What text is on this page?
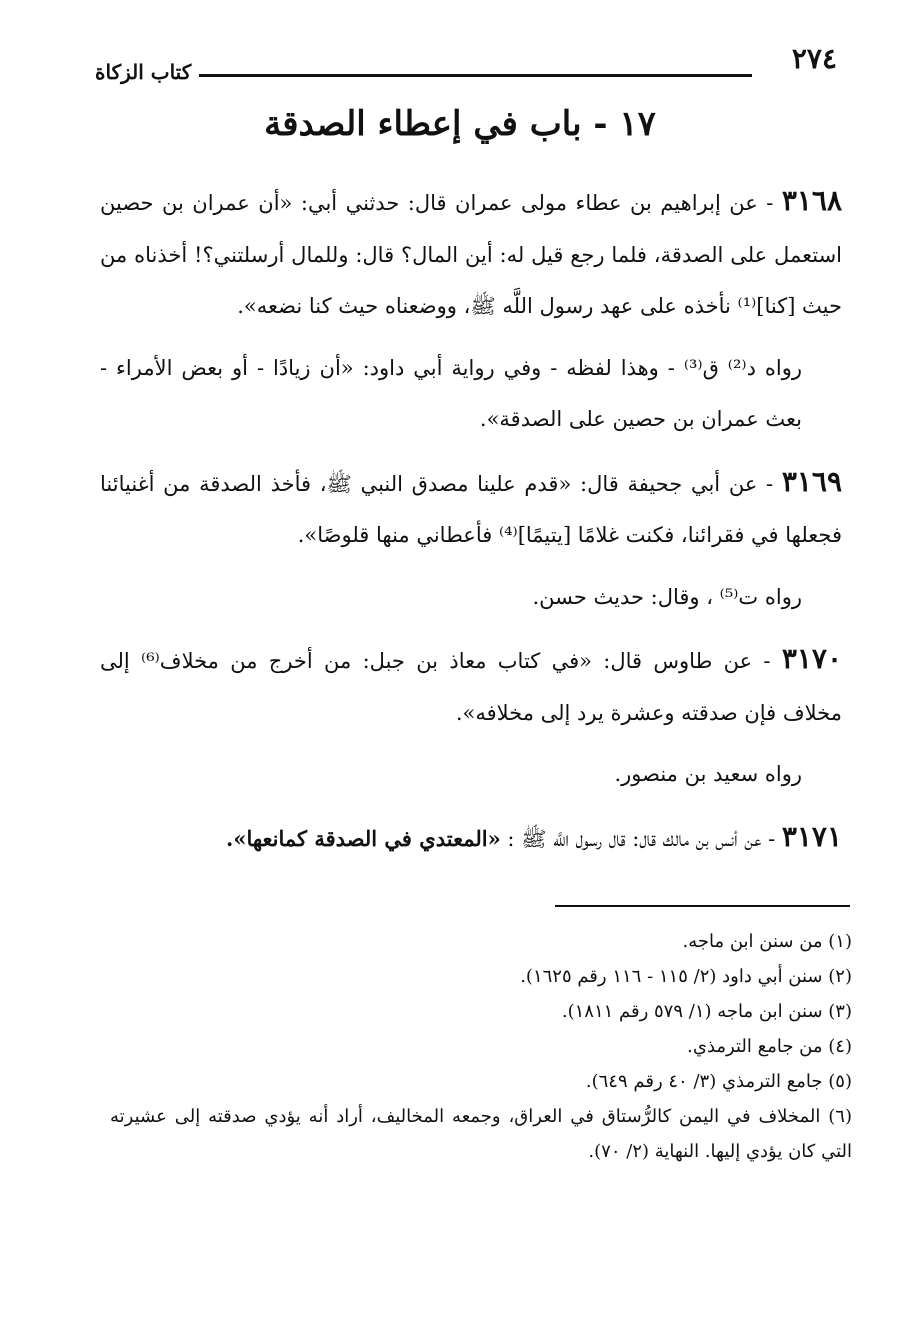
٢٧٤
كتاب الزكاة
١٧ - باب في إعطاء الصدقة

٣١٦٨ - عن إبراهيم بن عطاء مولى عمران قال: حدثني أبي: «أن عمران بن حصين استعمل على الصدقة، فلما رجع قيل له: أين المال؟ قال: وللمال أرسلتني؟! أخذناه من حيث [كنا]⁽¹⁾ نأخذه على عهد رسول اللَّه ﷺ، ووضعناه حيث كنا نضعه».

رواه د⁽²⁾ ق⁽³⁾ - وهذا لفظه - وفي رواية أبي داود: «أن زيادًا - أو بعض الأمراء - بعث عمران بن حصين على الصدقة».

٣١٦٩ - عن أبي جحيفة قال: «قدم علينا مصدق النبي ﷺ، فأخذ الصدقة من أغنيائنا فجعلها في فقرائنا، فكنت غلامًا [يتيمًا]⁽⁴⁾ فأعطاني منها قلوصًا».

رواه ت⁽⁵⁾ ، وقال: حديث حسن.

٣١٧٠ - عن طاوس قال: «في كتاب معاذ بن جبل: من أخرج من مخلاف⁽⁶⁾ إلى مخلاف فإن صدقته وعشرة يرد إلى مخلافه».

رواه سعيد بن منصور.

٣١٧١ - عن أنس بن مالك قال: قال رسول اللَّه ﷺ : «المعتدي في الصدقة كمانعها».

(١) من سنن ابن ماجه.

(٢) سنن أبي داود (٢/ ١١٥ - ١١٦ رقم ١٦٢٥).

(٣) سنن ابن ماجه (١/ ٥٧٩ رقم ١٨١١).

(٤) من جامع الترمذي.

(٥) جامع الترمذي (٣/ ٤٠ رقم ٦٤٩).

(٦) المخلاف في اليمن كالرُّستاق في العراق، وجمعه المخاليف، أراد أنه يؤدي صدقته إلى عشيرته التي كان يؤدي إليها. النهاية (٢/ ٧٠).
